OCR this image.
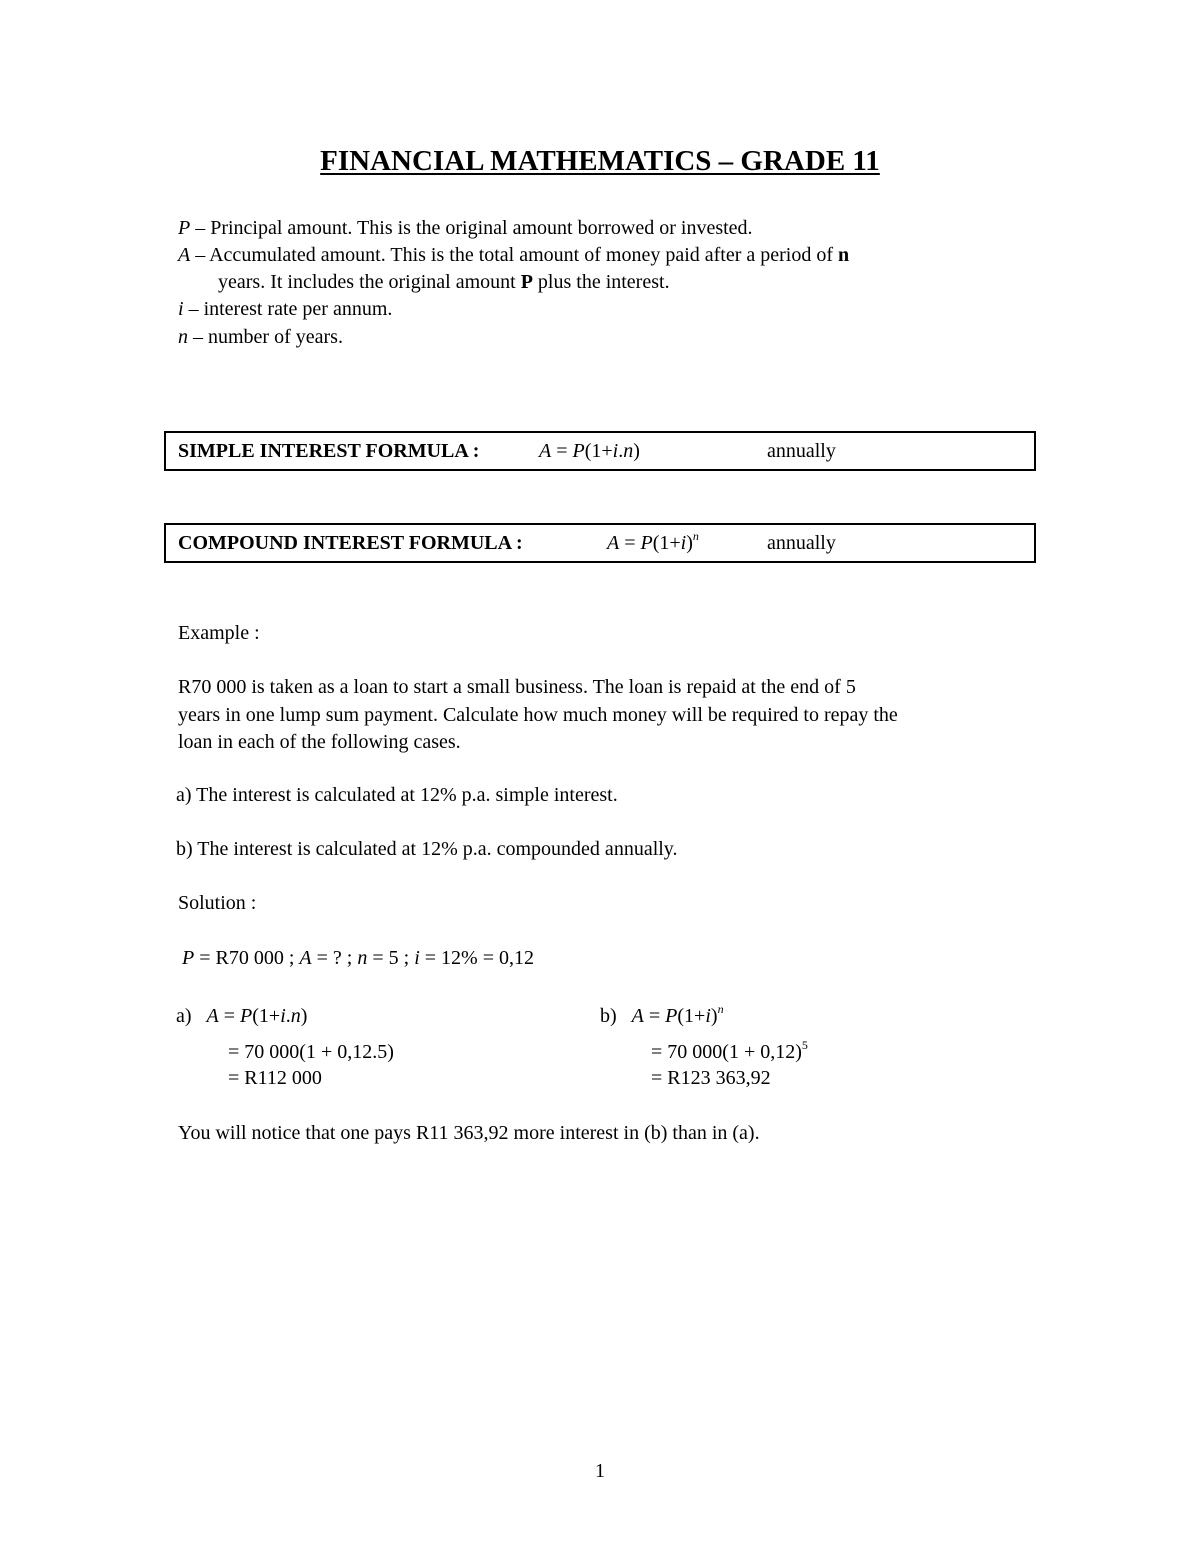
FINANCIAL MATHEMATICS – GRADE 11
P – Principal amount. This is the original amount borrowed or invested.
A – Accumulated amount. This is the total amount of money paid after a period of n
years. It includes the original amount P plus the interest.
i – interest rate per annum.
n – number of years.
SIMPLE INTEREST FORMULA :	A = P(1+i.n)	annually
COMPOUND INTEREST FORMULA :	$A = P(1+i)^n$	annually
Example :
R70 000 is taken as a loan to start a small business. The loan is repaid at the end of 5
years in one lump sum payment. Calculate how much money will be required to repay the
loan in each of the following cases.
a) The interest is calculated at 12% p.a. simple interest.
b) The interest is calculated at 12% p.a. compounded annually.
Solution :
P = R70 000 ; A = ? ; n = 5 ; i = 12% = 0,12
a) A = P(1+i.n)
= 70 000(1 + 0,12.5)
= R112 000
b) $A = P(1+i)^n$
= 70 $000(1 + 0,12)^5$
= R123 363,92
You will notice that one pays R11 363,92 more interest in (b) than in (a).
1
